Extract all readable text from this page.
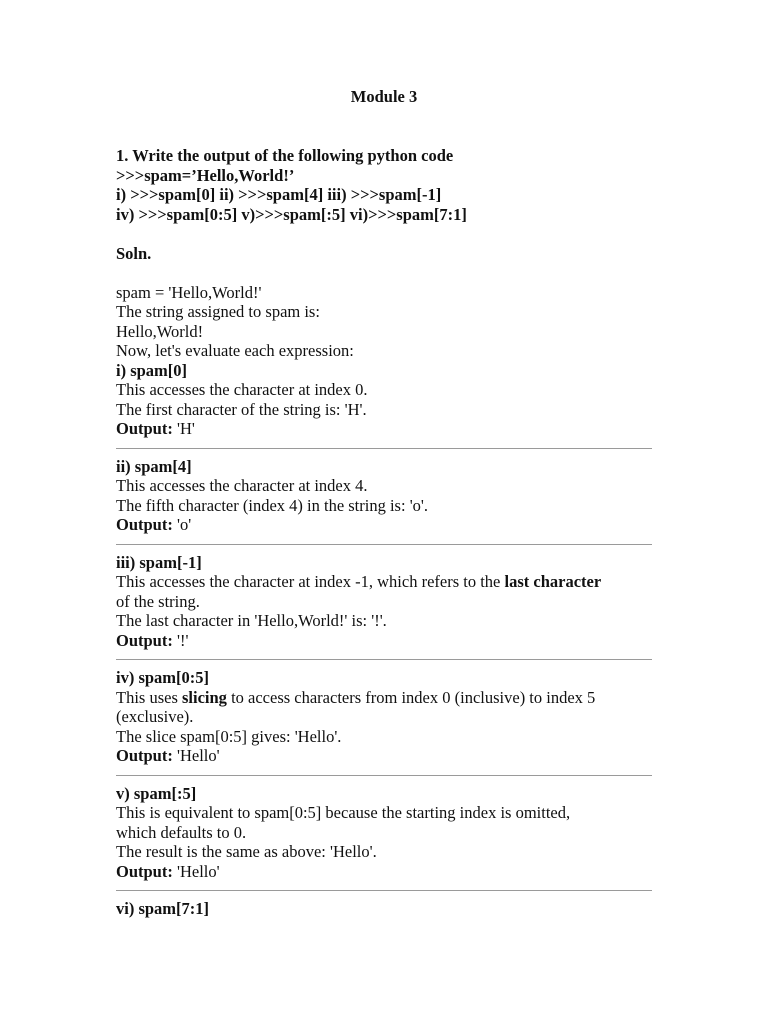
Module 3
1. Write the output of the following python code
>>>spam=’Hello,World!’
i) >>>spam[0] ii) >>>spam[4] iii) >>>spam[-1]
iv) >>>spam[0:5] v)>>>spam[:5] vi)>>>spam[7:1]
Soln.
spam = 'Hello,World!'
The string assigned to spam is:
Hello,World!
Now, let's evaluate each expression:
i) spam[0]
This accesses the character at index 0.
The first character of the string is: 'H'.
Output: 'H'
ii) spam[4]
This accesses the character at index 4.
The fifth character (index 4) in the string is: 'o'.
Output: 'o'
iii) spam[-1]
This accesses the character at index -1, which refers to the last character
of the string.
The last character in 'Hello,World!' is: '!'.
Output: '!'
iv) spam[0:5]
This uses slicing to access characters from index 0 (inclusive) to index 5
(exclusive).
The slice spam[0:5] gives: 'Hello'.
Output: 'Hello'
v) spam[:5]
This is equivalent to spam[0:5] because the starting index is omitted,
which defaults to 0.
The result is the same as above: 'Hello'.
Output: 'Hello'
vi) spam[7:1]
